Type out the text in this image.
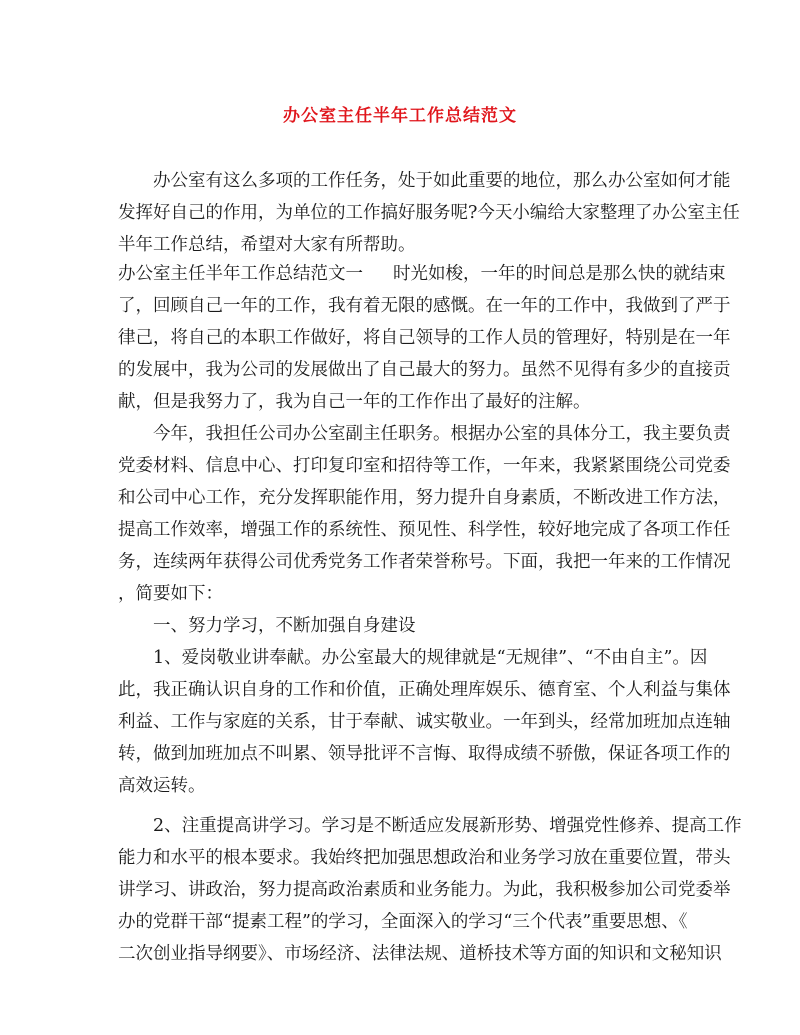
办公室主任半年工作总结范文
办公室有这么多项的工作任务，处于如此重要的地位，那么办公室如何才能
发挥好自己的作用，为单位的工作搞好服务呢?今天小编给大家整理了办公室主任
半年工作总结，希望对大家有所帮助。
办公室主任半年工作总结范文一 时光如梭，一年的时间总是那么快的就结束
了，回顾自己一年的工作，我有着无限的感慨。在一年的工作中，我做到了严于
律己，将自己的本职工作做好，将自己领导的工作人员的管理好，特别是在一年
的发展中，我为公司的发展做出了自己最大的努力。虽然不见得有多少的直接贡
献，但是我努力了，我为自己一年的工作作出了最好的注解。
今年，我担任公司办公室副主任职务。根据办公室的具体分工，我主要负责
党委材料、信息中心、打印复印室和招待等工作，一年来，我紧紧围绕公司党委
和公司中心工作，充分发挥职能作用，努力提升自身素质，不断改进工作方法，
提高工作效率，增强工作的系统性、预见性、科学性，较好地完成了各项工作任
务，连续两年获得公司优秀党务工作者荣誉称号。下面，我把一年来的工作情况
，简要如下：
一、努力学习，不断加强自身建设
1、爱岗敬业讲奉献。办公室最大的规律就是“无规律”、“不由自主”。因
此，我正确认识自身的工作和价值，正确处理库娱乐、德育室、个人利益与集体
利益、工作与家庭的关系，甘于奉献、诚实敬业。一年到头，经常加班加点连轴
转，做到加班加点不叫累、领导批评不言悔、取得成绩不骄傲，保证各项工作的
高效运转。
2、注重提高讲学习。学习是不断适应发展新形势、增强党性修养、提高工作
能力和水平的根本要求。我始终把加强思想政治和业务学习放在重要位置，带头
讲学习、讲政治，努力提高政治素质和业务能力。为此，我积极参加公司党委举
办的党群干部“提素工程”的学习，全面深入的学习“三个代表”重要思想、《
二次创业指导纲要》、市场经济、法律法规、道桥技术等方面的知识和文秘知识
